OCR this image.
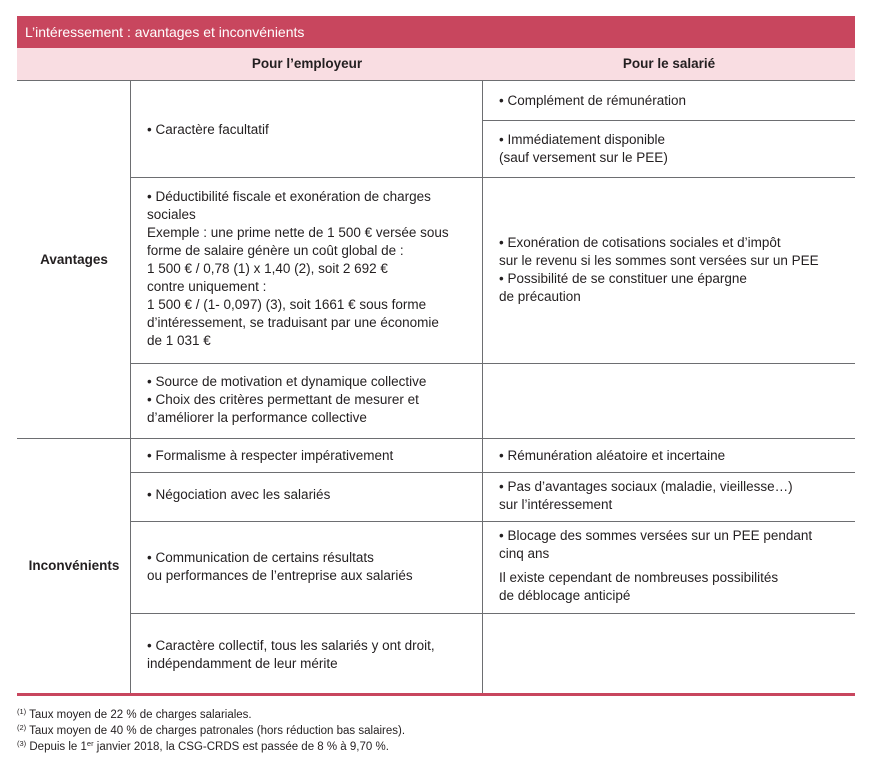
L’intéressement : avantages et inconvénients
Pour l’employeur	Pour le salarié
Avantages
Inconvénients

• Caractère facultatif

• Déductibilité fiscale et exonération de charges

sociales

Exemple : une prime nette de 1 500 € versée sous

forme de salaire génère un coût global de :

1 500 € / 0,78 (1) x 1,40 (2), soit 2 692 €

contre uniquement :

1 500 € / (1- 0,097) (3), soit 1661 € sous forme

d’intéressement, se traduisant par une économie

de 1 031 €

• Source de motivation et dynamique collective

• Choix des critères permettant de mesurer et

d’améliorer la performance collective

• Complément de rémunération

• Immédiatement disponible

(sauf versement sur le PEE)

• Exonération de cotisations sociales et d’impôt

sur le revenu si les sommes sont versées sur un PEE

• Possibilité de se constituer une épargne

de précaution

• Formalisme à respecter impérativement

• Négociation avec les salariés

• Communication de certains résultats

ou performances de l’entreprise aux salariés

• Caractère collectif, tous les salariés y ont droit,

indépendamment de leur mérite

• Rémunération aléatoire et incertaine

• Pas d’avantages sociaux (maladie, vieillesse…)

sur l’intéressement

• Blocage des sommes versées sur un PEE pendant

cinq ans

Il existe cependant de nombreuses possibilités

de déblocage anticipé

$^{(1)}$ Taux moyen de 22 % de charges salariales.

$^{(2)}$ Taux moyen de 40 % de charges patronales (hors réduction bas salaires).

$^{(3)}$ Depuis le 1er janvier 2018, la CSG-CRDS est passée de 8 % à 9,70 %.
